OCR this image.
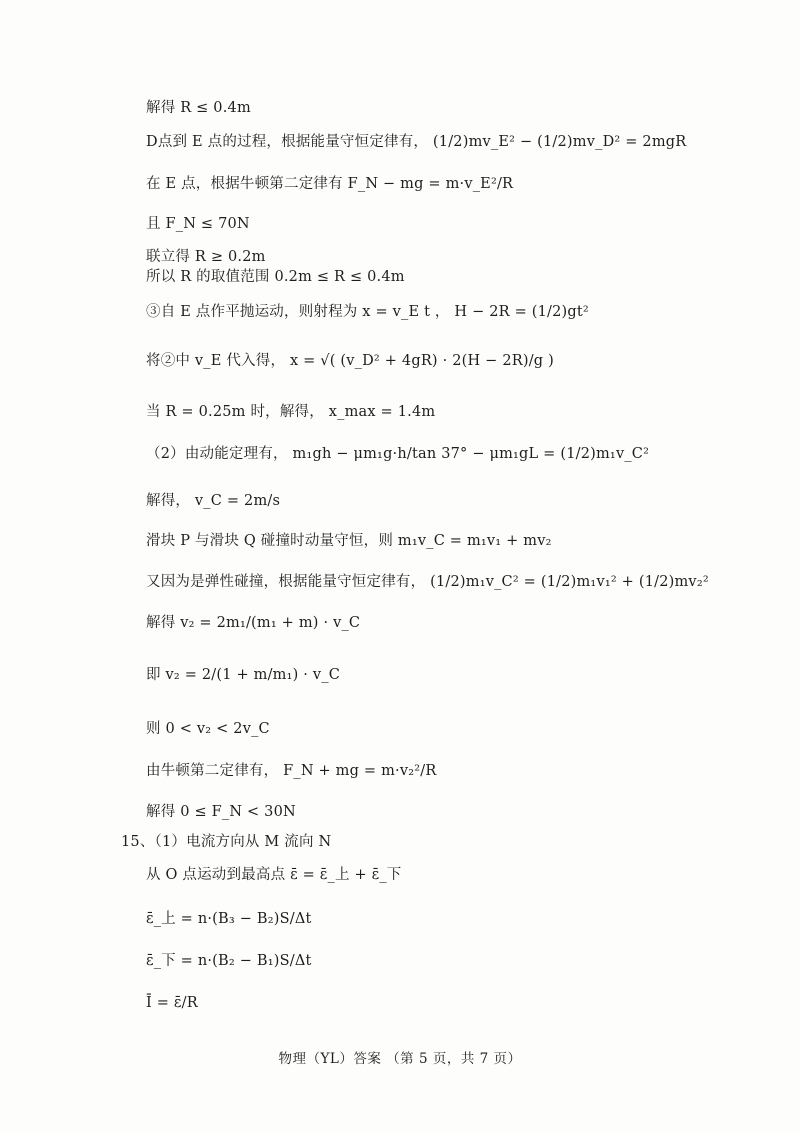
解得 R ≤ 0.4m
D点到 E 点的过程，根据能量守恒定律有， (1/2)mv_E² − (1/2)mv_D² = 2mgR
在 E 点，根据牛顿第二定律有 F_N − mg = m·v_E²/R
且 F_N ≤ 70N
联立得 R ≥ 0.2m
所以 R 的取值范围 0.2m ≤ R ≤ 0.4m
③自 E 点作平抛运动，则射程为 x = v_E t ， H − 2R = (1/2)gt²
将②中 v_E 代入得， x = √( (v_D² + 4gR) · 2(H − 2R)/g )
当 R = 0.25m 时，解得， x_max = 1.4m
（2）由动能定理有， m₁gh − μm₁g·h/tan 37° − μm₁gL = (1/2)m₁v_C²
解得， v_C = 2m/s
滑块 P 与滑块 Q 碰撞时动量守恒，则 m₁v_C = m₁v₁ + mv₂
又因为是弹性碰撞，根据能量守恒定律有， (1/2)m₁v_C² = (1/2)m₁v₁² + (1/2)mv₂²
解得 v₂ = 2m₁/(m₁ + m) · v_C
即 v₂ = 2/(1 + m/m₁) · v_C
则 0 < v₂ < 2v_C
由牛顿第二定律有， F_N + mg = m·v₂²/R
解得 0 ≤ F_N < 30N
15、（1）电流方向从 M 流向 N
从 O 点运动到最高点 ε̄ = ε̄_上 + ε̄_下
ε̄_上 = n·(B₃ − B₂)S/Δt
ε̄_下 = n·(B₂ − B₁)S/Δt
Ī = ε̄/R
物理（YL）答案 （第 5 页，共 7 页）
